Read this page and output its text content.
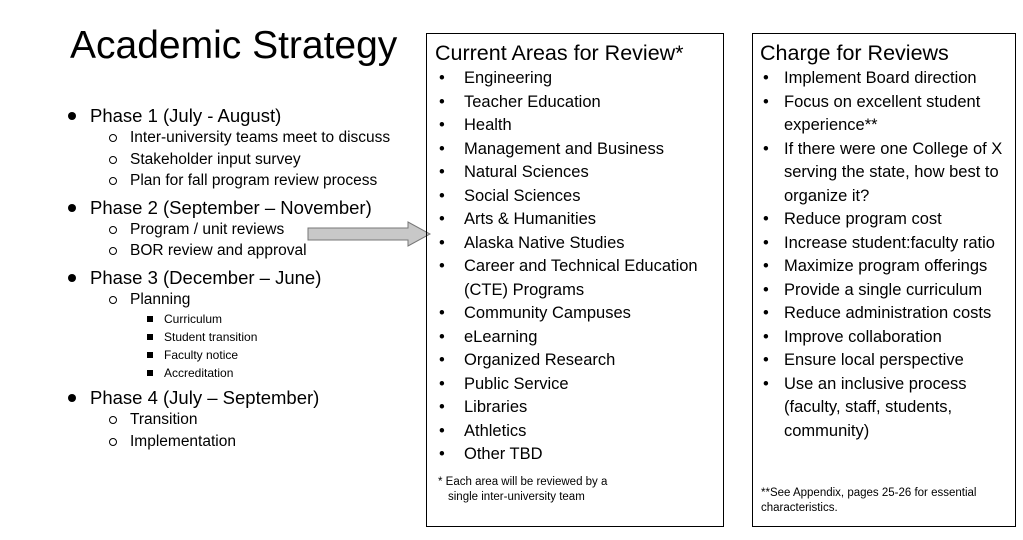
Academic Strategy
Phase 1 (July - August)
Inter-university teams meet to discuss
Stakeholder input survey
Plan for fall program review process
Phase 2 (September – November)
Program / unit reviews
BOR review and approval
Phase 3 (December – June)
Planning
Curriculum
Student transition
Faculty notice
Accreditation
Phase 4 (July – September)
Transition
Implementation
Current Areas for Review*
• Engineering
• Teacher Education
• Health
• Management and Business
• Natural Sciences
• Social Sciences
• Arts & Humanities
• Alaska Native Studies
• Career and Technical Education (CTE) Programs
• Community Campuses
• eLearning
• Organized Research
• Public Service
• Libraries
• Athletics
• Other TBD
* Each area will be reviewed by a
single inter-university team
Charge for Reviews
• Implement Board direction
• Focus on excellent student experience**
• If there were one College of X serving the state, how best to organize it?
• Reduce program cost
• Increase student:faculty ratio
• Maximize program offerings
• Provide a single curriculum
• Reduce administration costs
• Improve collaboration
• Ensure local perspective
• Use an inclusive process (faculty, staff, students, community)
**See Appendix, pages 25-26 for essential characteristics.
